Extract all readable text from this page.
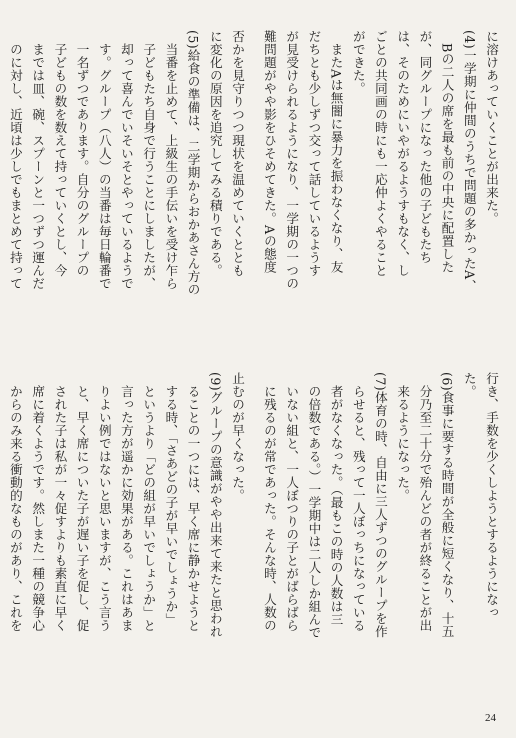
に溶けあっていくことが出来た。
(4)一学期に仲間のうちで問題の多かったA、
　Bの二人の席を最も前の中央に配置した
が、同グループになった他の子どもたち
は、そのためにいやがるようすもなく、し
ごとの共同画の時にも一応仲よくやること
ができた。
　またAは無闇に暴力を振わなくなり、友
だちとも少しずつ交って話しているようす
が見受けられるようになり、一学期の一つの
難問題がやや影をひそめてきた。Aの態度

否かを見守りつつ現状を温めていくととも
に変化の原因を追究してみる積りである。
(5)給食の準備は、二学期からおかあさん方の
　当番を止めて、上級生の手伝いを受け乍ら
　子どもたち自身で行うことにしましたが、
　却って喜んでいそいそとやっているようで
　す。グループ（八人）の当番は毎日輪番で
　一名ずつであります。自分のグループの
　子どもの数を数えて持っていくとし、今
　までは皿、碗、スプーンと一つずつ運んだ
　のに対し、近頃は少しでもまとめて持って
行き、手数を少くしようとするようになっ
た。
(6)食事に要する時間が全般に短くなり、十五
　分乃至二十分で殆んどの者が終ることが出
　来るようになった。
(7)体育の時、自由に三人ずつのグループを作
　らせると、残って一人ぼっちになっている
　者がなくなった。（最もこの時の人数は三
　の倍数である。）一学期中は二人しか組んで
　いない組と、一人ぼつりの子とがばらばら
　に残るのが常であった。そんな時、人数の

止むのが早くなった。
(9)グループの意識がやや出来て来たと思われ
　ることの一つには、早く席に静かせようと
　する時、「さあどの子が早いでしょうか」
　というより「どの組が早いでしょうか」と
　言った方が遥かに効果がある。これはあま
　りよい例ではないと思いますが、こう言う
　と、早く席についた子が遅い子を促し、促
　された子は私が一々促すよりも素直に早く
　席に着くようです。然しまた一種の競争心
　からのみ来る衝動的なものがあり、これを

24
